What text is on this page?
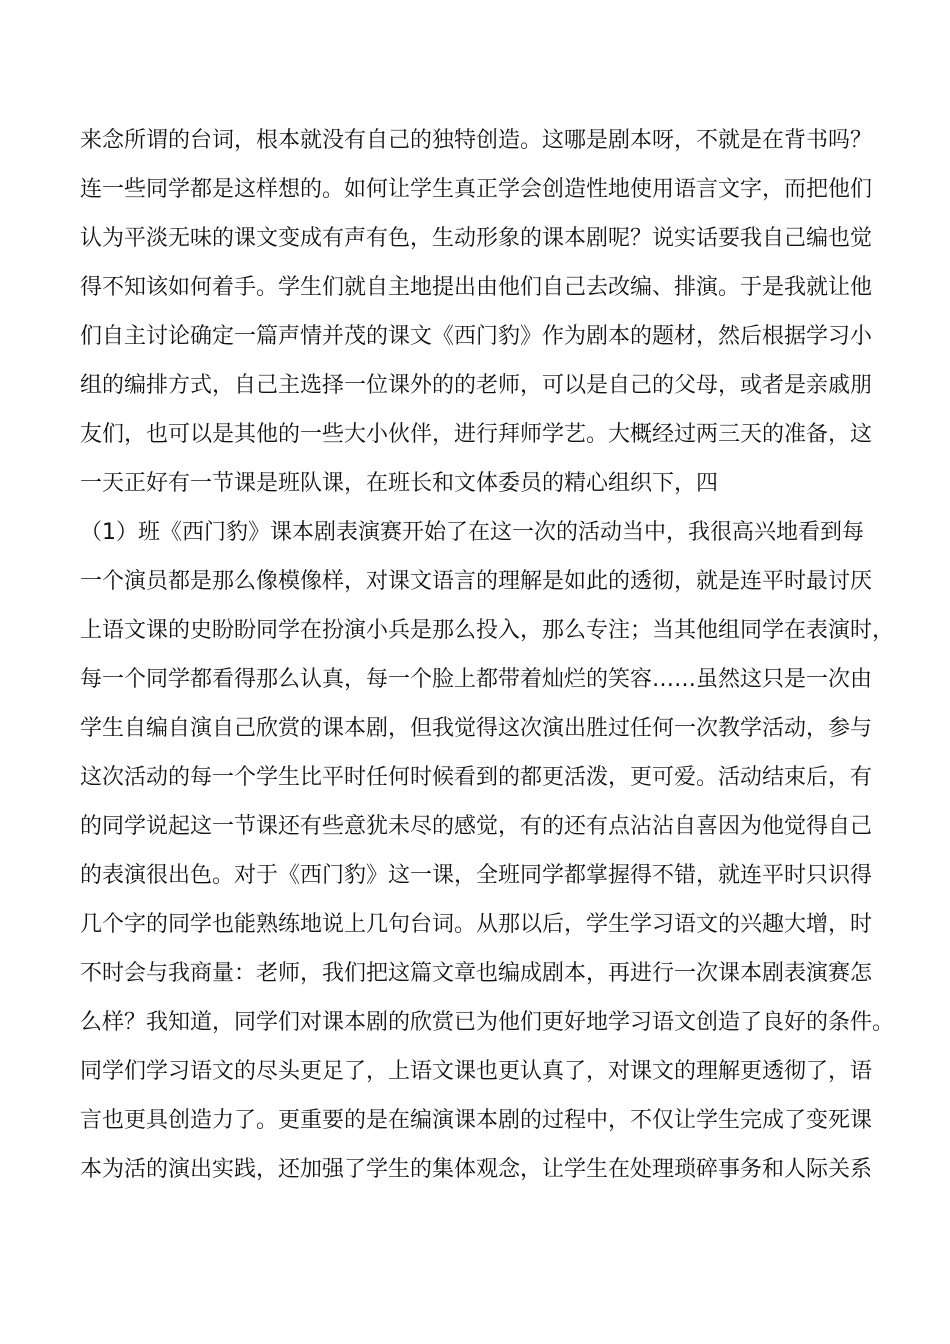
来念所谓的台词，根本就没有自己的独特创造。这哪是剧本呀，不就是在背书吗？
连一些同学都是这样想的。如何让学生真正学会创造性地使用语言文字，而把他们
认为平淡无味的课文变成有声有色，生动形象的课本剧呢？说实话要我自己编也觉
得不知该如何着手。学生们就自主地提出由他们自己去改编、排演。于是我就让他
们自主讨论确定一篇声情并茂的课文《西门豹》作为剧本的题材，然后根据学习小
组的编排方式，自己主选择一位课外的的老师，可以是自己的父母，或者是亲戚朋
友们，也可以是其他的一些大小伙伴，进行拜师学艺。大概经过两三天的准备，这
一天正好有一节课是班队课，在班长和文体委员的精心组织下，四
（1）班《西门豹》课本剧表演赛开始了在这一次的活动当中，我很高兴地看到每
一个演员都是那么像模像样，对课文语言的理解是如此的透彻，就是连平时最讨厌
上语文课的史盼盼同学在扮演小兵是那么投入，那么专注；当其他组同学在表演时，
每一个同学都看得那么认真，每一个脸上都带着灿烂的笑容……虽然这只是一次由
学生自编自演自己欣赏的课本剧，但我觉得这次演出胜过任何一次教学活动，参与
这次活动的每一个学生比平时任何时候看到的都更活泼，更可爱。活动结束后，有
的同学说起这一节课还有些意犹未尽的感觉，有的还有点沾沾自喜因为他觉得自己
的表演很出色。对于《西门豹》这一课，全班同学都掌握得不错，就连平时只识得
几个字的同学也能熟练地说上几句台词。从那以后，学生学习语文的兴趣大增，时
不时会与我商量：老师，我们把这篇文章也编成剧本，再进行一次课本剧表演赛怎
么样？我知道，同学们对课本剧的欣赏已为他们更好地学习语文创造了良好的条件。
同学们学习语文的尽头更足了，上语文课也更认真了，对课文的理解更透彻了，语
言也更具创造力了。更重要的是在编演课本剧的过程中，不仅让学生完成了变死课
本为活的演出实践，还加强了学生的集体观念，让学生在处理琐碎事务和人际关系
